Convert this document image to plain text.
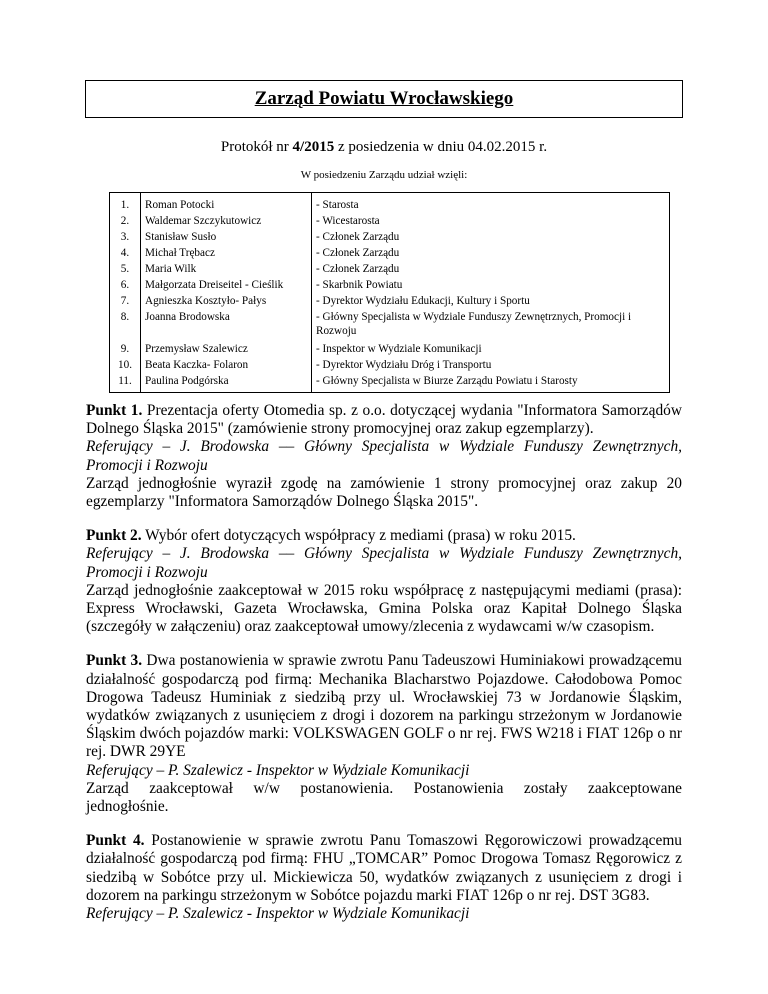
Zarząd Powiatu Wrocławskiego
Protokół nr 4/2015 z posiedzenia w dniu 04.02.2015 r.
W posiedzeniu Zarządu udział wzięli:
1.	Roman Potocki	- Starosta
2.	Waldemar Szczykutowicz	- Wicestarosta
3.	Stanisław Susło	- Członek Zarządu
4.	Michał Trębacz	- Członek Zarządu
5.	Maria Wilk	- Członek Zarządu
6.	Małgorzata Dreiseitel - Cieślik	- Skarbnik Powiatu
7.	Agnieszka Kosztyło- Pałys	- Dyrektor Wydziału Edukacji, Kultury i Sportu
8.	Joanna Brodowska	- Główny Specjalista w Wydziale Funduszy Zewnętrznych, Promocji i Rozwoju
9.	Przemysław Szalewicz	- Inspektor w Wydziale Komunikacji
10.	Beata Kaczka- Folaron	- Dyrektor Wydziału Dróg i Transportu
11.	Paulina Podgórska	- Główny Specjalista w Biurze Zarządu Powiatu i Starosty

Punkt 1. Prezentacja oferty Otomedia sp. z o.o. dotyczącej wydania "Informatora Samorządów Dolnego Śląska 2015" (zamówienie strony promocyjnej oraz zakup egzemplarzy).
Referujący – J. Brodowska –– Główny Specjalista w Wydziale Funduszy Zewnętrznych, Promocji i Rozwoju
Zarząd jednogłośnie wyraził zgodę na zamówienie 1 strony promocyjnej oraz zakup 20 egzemplarzy "Informatora Samorządów Dolnego Śląska 2015".

Punkt 2. Wybór ofert dotyczących współpracy z mediami (prasa) w roku 2015.
Referujący – J. Brodowska –– Główny Specjalista w Wydziale Funduszy Zewnętrznych, Promocji i Rozwoju
Zarząd jednogłośnie zaakceptował w 2015 roku współpracę z następującymi mediami (prasa): Express Wrocławski, Gazeta Wrocławska, Gmina Polska oraz Kapitał Dolnego Śląska (szczegóły w załączeniu) oraz zaakceptował umowy/zlecenia z wydawcami w/w czasopism.

Punkt 3. Dwa postanowienia w sprawie zwrotu Panu Tadeuszowi Huminiakowi prowadzącemu działalność gospodarczą pod firmą: Mechanika Blacharstwo Pojazdowe. Całodobowa Pomoc Drogowa Tadeusz Huminiak z siedzibą przy ul. Wrocławskiej 73 w Jordanowie Śląskim, wydatków związanych z usunięciem z drogi i dozorem na parkingu strzeżonym w Jordanowie Śląskim dwóch pojazdów marki: VOLKSWAGEN GOLF o nr rej. FWS W218 i FIAT 126p o nr rej. DWR 29YE
Referujący – P. Szalewicz - Inspektor w Wydziale Komunikacji
Zarząd zaakceptował w/w postanowienia. Postanowienia zostały zaakceptowane
jednogłośnie.

Punkt 4. Postanowienie w sprawie zwrotu Panu Tomaszowi Ręgorowiczowi prowadzącemu działalność gospodarczą pod firmą: FHU „TOMCAR” Pomoc Drogowa Tomasz Ręgorowicz z siedzibą w Sobótce przy ul. Mickiewicza 50, wydatków związanych z usunięciem z drogi i dozorem na parkingu strzeżonym w Sobótce pojazdu marki FIAT 126p o nr rej. DST 3G83.
Referujący – P. Szalewicz - Inspektor w Wydziale Komunikacji
